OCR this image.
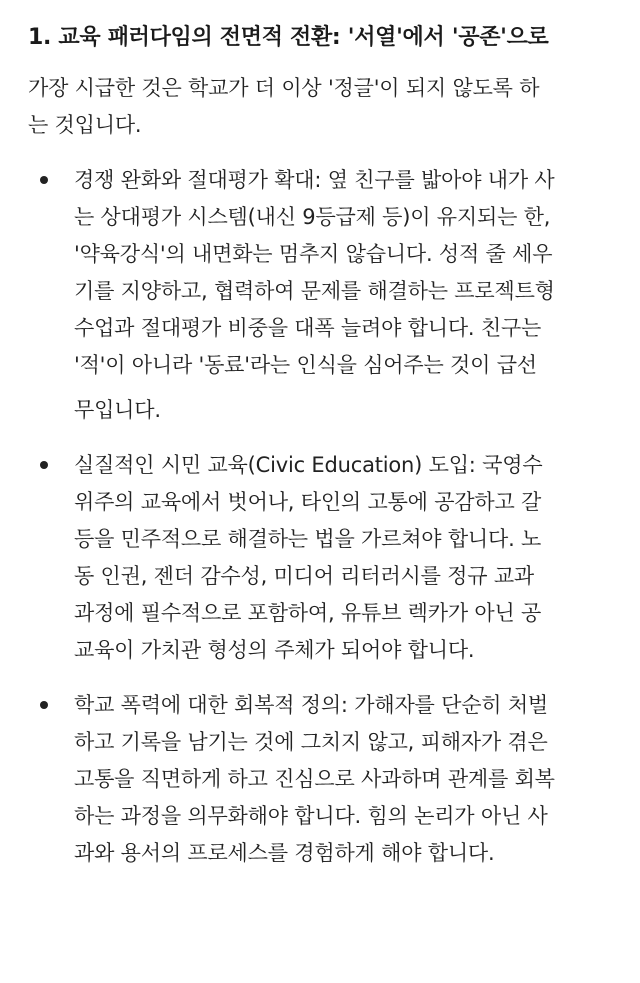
1. 교육 패러다임의 전면적 전환: '서열'에서 '공존'으로

가장 시급한 것은 학교가 더 이상 '정글'이 되지 않도록 하
는 것입니다.

경쟁 완화와 절대평가 확대: 옆 친구를 밟아야 내가 사
는 상대평가 시스템(내신 9등급제 등)이 유지되는 한,
'약육강식'의 내면화는 멈추지 않습니다. 성적 줄 세우
기를 지양하고, 협력하여 문제를 해결하는 프로젝트형
수업과 절대평가 비중을 대폭 늘려야 합니다. 친구는
'적'이 아니라 '동료'라는 인식을 심어주는 것이 급선
무입니다.
실질적인 시민 교육(Civic Education) 도입: 국영수
위주의 교육에서 벗어나, 타인의 고통에 공감하고 갈
등을 민주적으로 해결하는 법을 가르쳐야 합니다. 노
동 인권, 젠더 감수성, 미디어 리터러시를 정규 교과
과정에 필수적으로 포함하여, 유튜브 렉카가 아닌 공
교육이 가치관 형성의 주체가 되어야 합니다.
학교 폭력에 대한 회복적 정의: 가해자를 단순히 처벌
하고 기록을 남기는 것에 그치지 않고, 피해자가 겪은
고통을 직면하게 하고 진심으로 사과하며 관계를 회복
하는 과정을 의무화해야 합니다. 힘의 논리가 아닌 사
과와 용서의 프로세스를 경험하게 해야 합니다.
